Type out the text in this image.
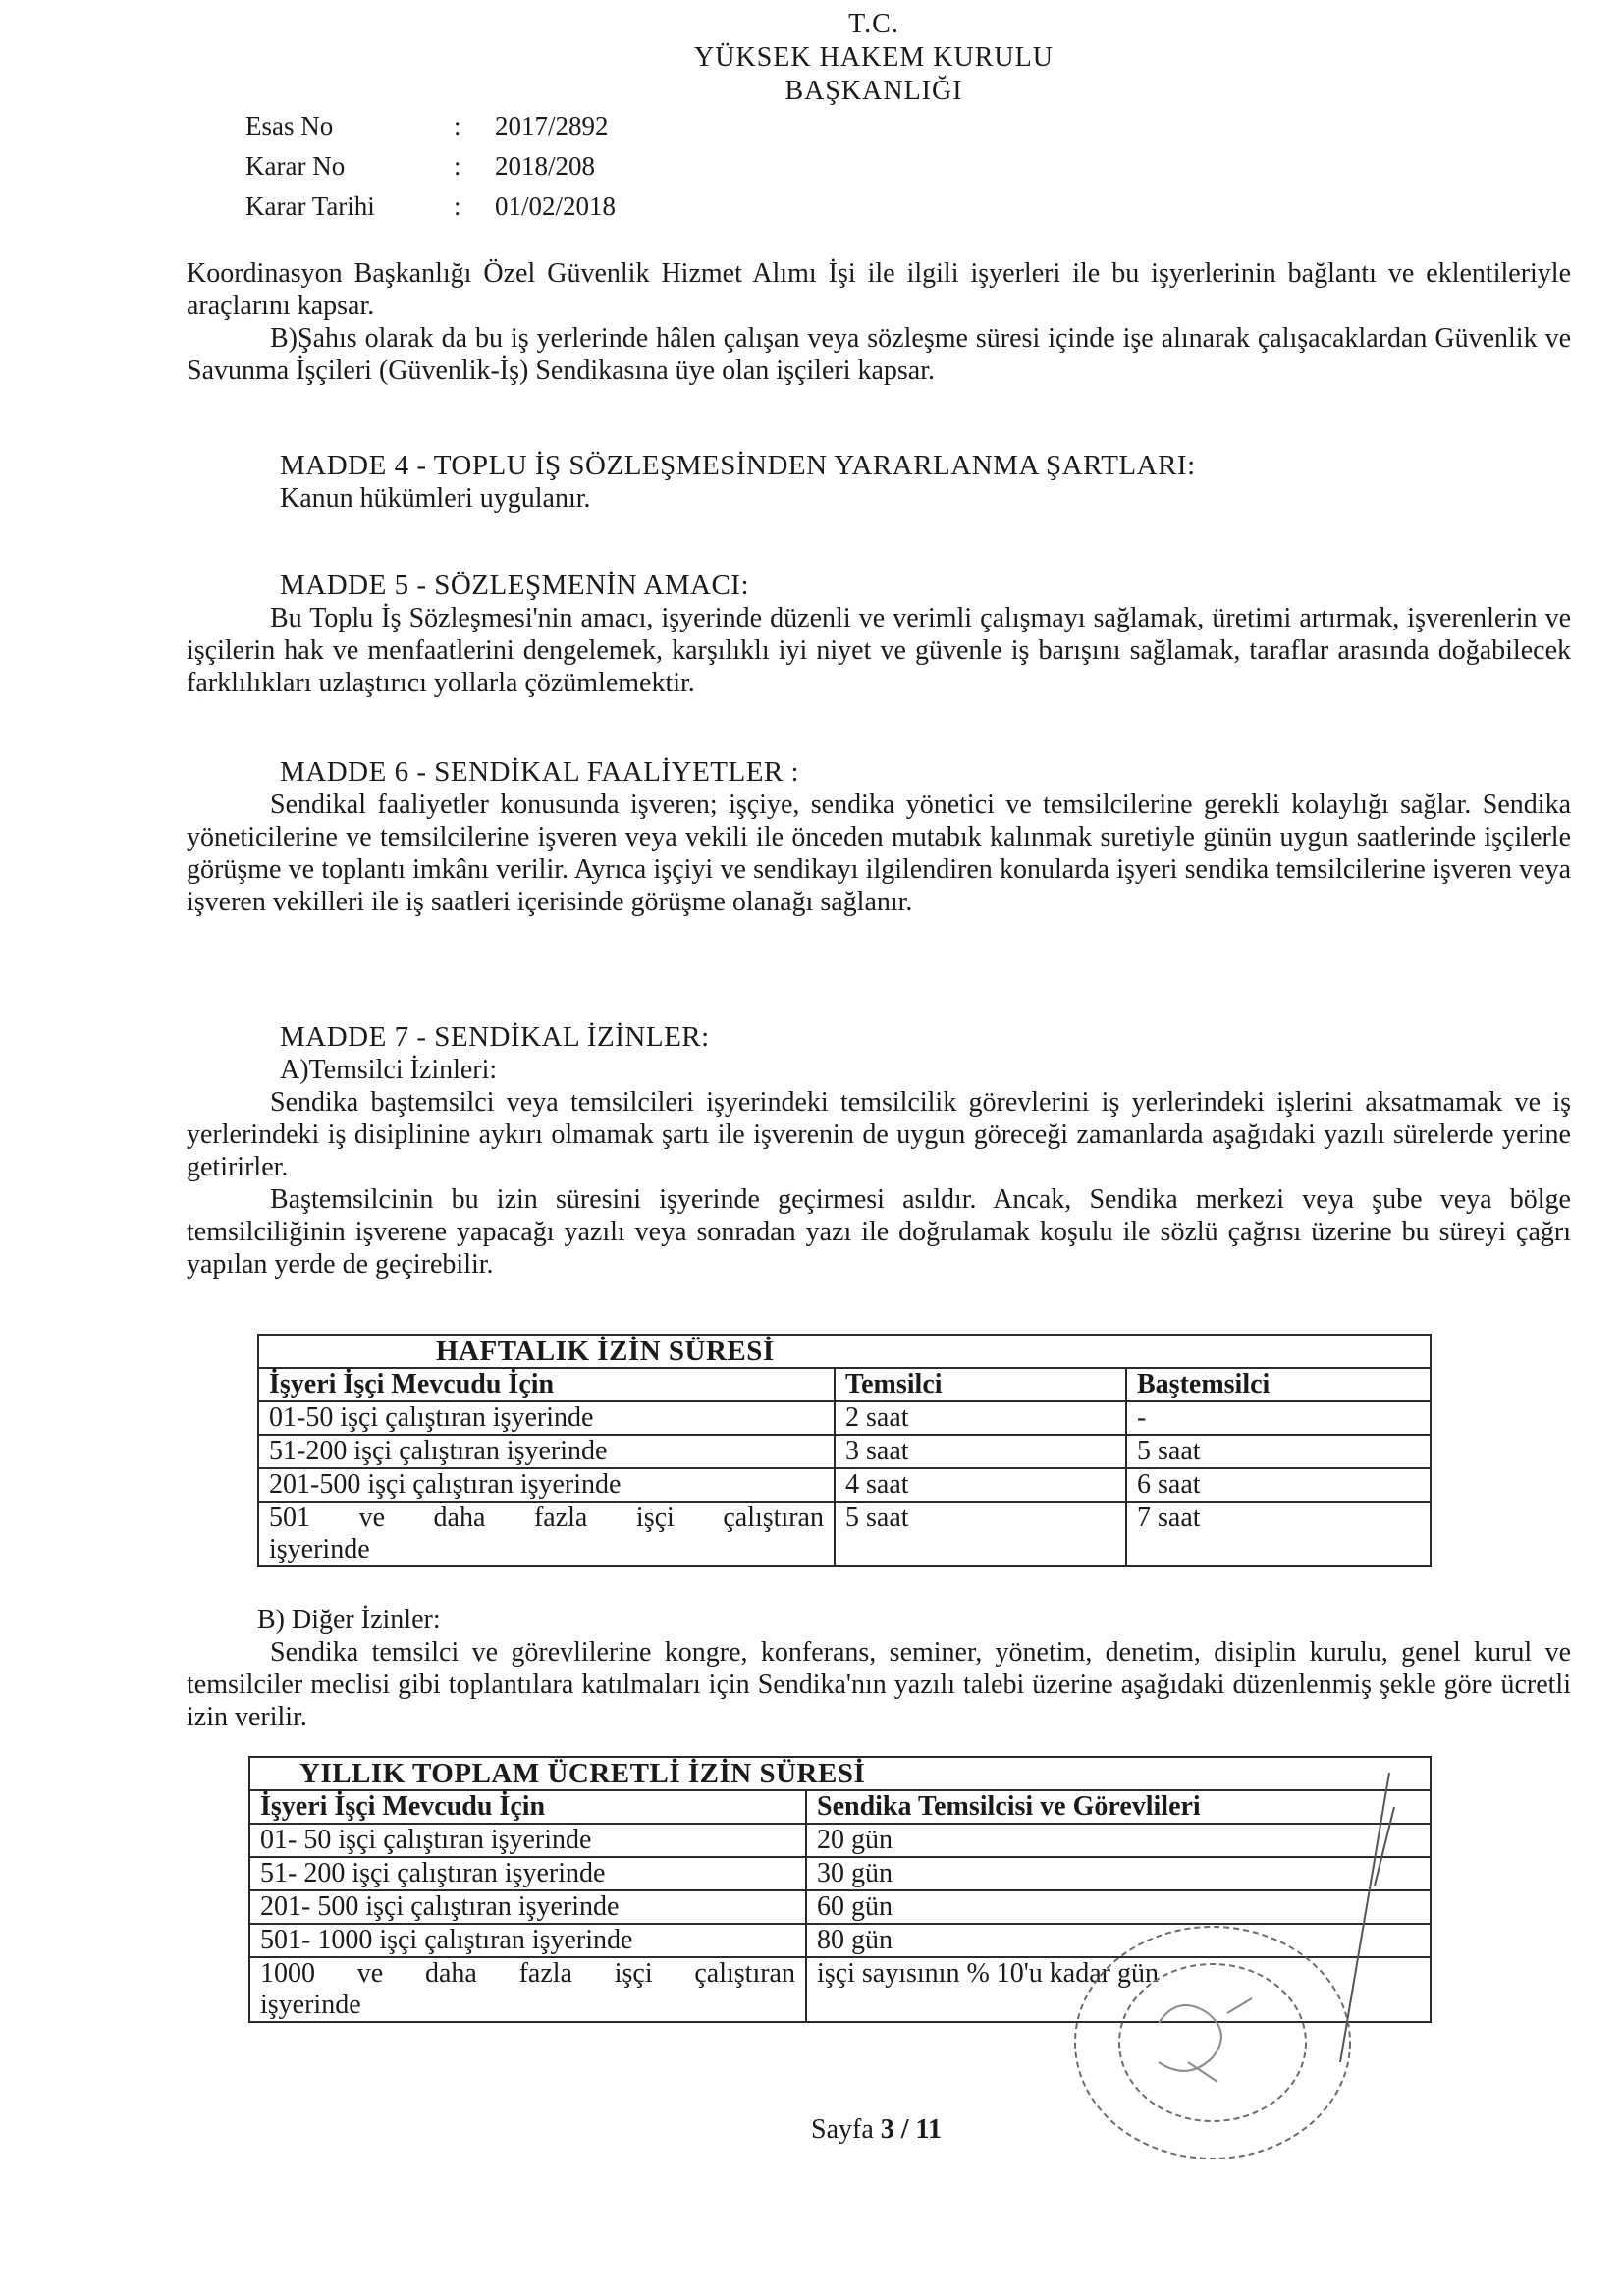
T.C.
YÜKSEK HAKEM KURULU
BAŞKANLIĞI
Esas No	:	2017/2892
Karar No	:	2018/208
Karar Tarihi	:	01/02/2018

Koordinasyon Başkanlığı Özel Güvenlik Hizmet Alımı İşi ile ilgili işyerleri ile bu işyerlerinin bağlantı ve eklentileriyle araçlarını kapsar.

B)Şahıs olarak da bu iş yerlerinde hâlen çalışan veya sözleşme süresi içinde işe alınarak çalışacaklardan Güvenlik ve Savunma İşçileri (Güvenlik-İş) Sendikasına üye olan işçileri kapsar.

MADDE 4 - TOPLU İŞ SÖZLEŞMESİNDEN YARARLANMA ŞARTLARI:

Kanun hükümleri uygulanır.

MADDE 5 - SÖZLEŞMENİN AMACI:

Bu Toplu İş Sözleşmesi'nin amacı, işyerinde düzenli ve verimli çalışmayı sağlamak, üretimi artırmak, işverenlerin ve işçilerin hak ve menfaatlerini dengelemek, karşılıklı iyi niyet ve güvenle iş barışını sağlamak, taraflar arasında doğabilecek farklılıkları uzlaştırıcı yollarla çözümlemektir.

MADDE 6 - SENDİKAL FAALİYETLER :

Sendikal faaliyetler konusunda işveren; işçiye, sendika yönetici ve temsilcilerine gerekli kolaylığı sağlar. Sendika yöneticilerine ve temsilcilerine işveren veya vekili ile önceden mutabık kalınmak suretiyle günün uygun saatlerinde işçilerle görüşme ve toplantı imkânı verilir. Ayrıca işçiyi ve sendikayı ilgilendiren konularda işyeri sendika temsilcilerine işveren veya işveren vekilleri ile iş saatleri içerisinde görüşme olanağı sağlanır.

MADDE 7 - SENDİKAL İZİNLER:

A)Temsilci İzinleri:

Sendika baştemsilci veya temsilcileri işyerindeki temsilcilik görevlerini iş yerlerindeki işlerini aksatmamak ve iş yerlerindeki iş disiplinine aykırı olmamak şartı ile işverenin de uygun göreceği zamanlarda aşağıdaki yazılı sürelerde yerine getirirler.

Baştemsilcinin bu izin süresini işyerinde geçirmesi asıldır. Ancak, Sendika merkezi veya şube veya bölge temsilciliğinin işverene yapacağı yazılı veya sonradan yazı ile doğrulamak koşulu ile sözlü çağrısı üzerine bu süreyi çağrı yapılan yerde de geçirebilir.

HAFTALIK İZİN SÜRESİ		
İşyeri İşçi Mevcudu İçin	Temsilci	Baştemsilci
01-50 işçi çalıştıran işyerinde	2 saat	-
51-200 işçi çalıştıran işyerinde	3 saat	5 saat
201-500 işçi çalıştıran işyerinde	4 saat	6 saat

501 ve daha fazla işçi çalıştıran
işyerinde	5 saat	7 saat

B) Diğer İzinler:

Sendika temsilci ve görevlilerine kongre, konferans, seminer, yönetim, denetim, disiplin kurulu, genel kurul ve temsilciler meclisi gibi toplantılara katılmaları için Sendika'nın yazılı talebi üzerine aşağıdaki düzenlenmiş şekle göre ücretli izin verilir.

YILLIK TOPLAM ÜCRETLİ İZİN SÜRESİ	
İşyeri İşçi Mevcudu İçin	Sendika Temsilcisi ve Görevlileri
01- 50 işçi çalıştıran işyerinde	20 gün
51- 200 işçi çalıştıran işyerinde	30 gün
201- 500 işçi çalıştıran işyerinde	60 gün
501- 1000 işçi çalıştıran işyerinde	80 gün

1000 ve daha fazla işçi çalıştıran
işyerinde	işçi sayısının % 10'u kadar gün
Sayfa 3 / 11
